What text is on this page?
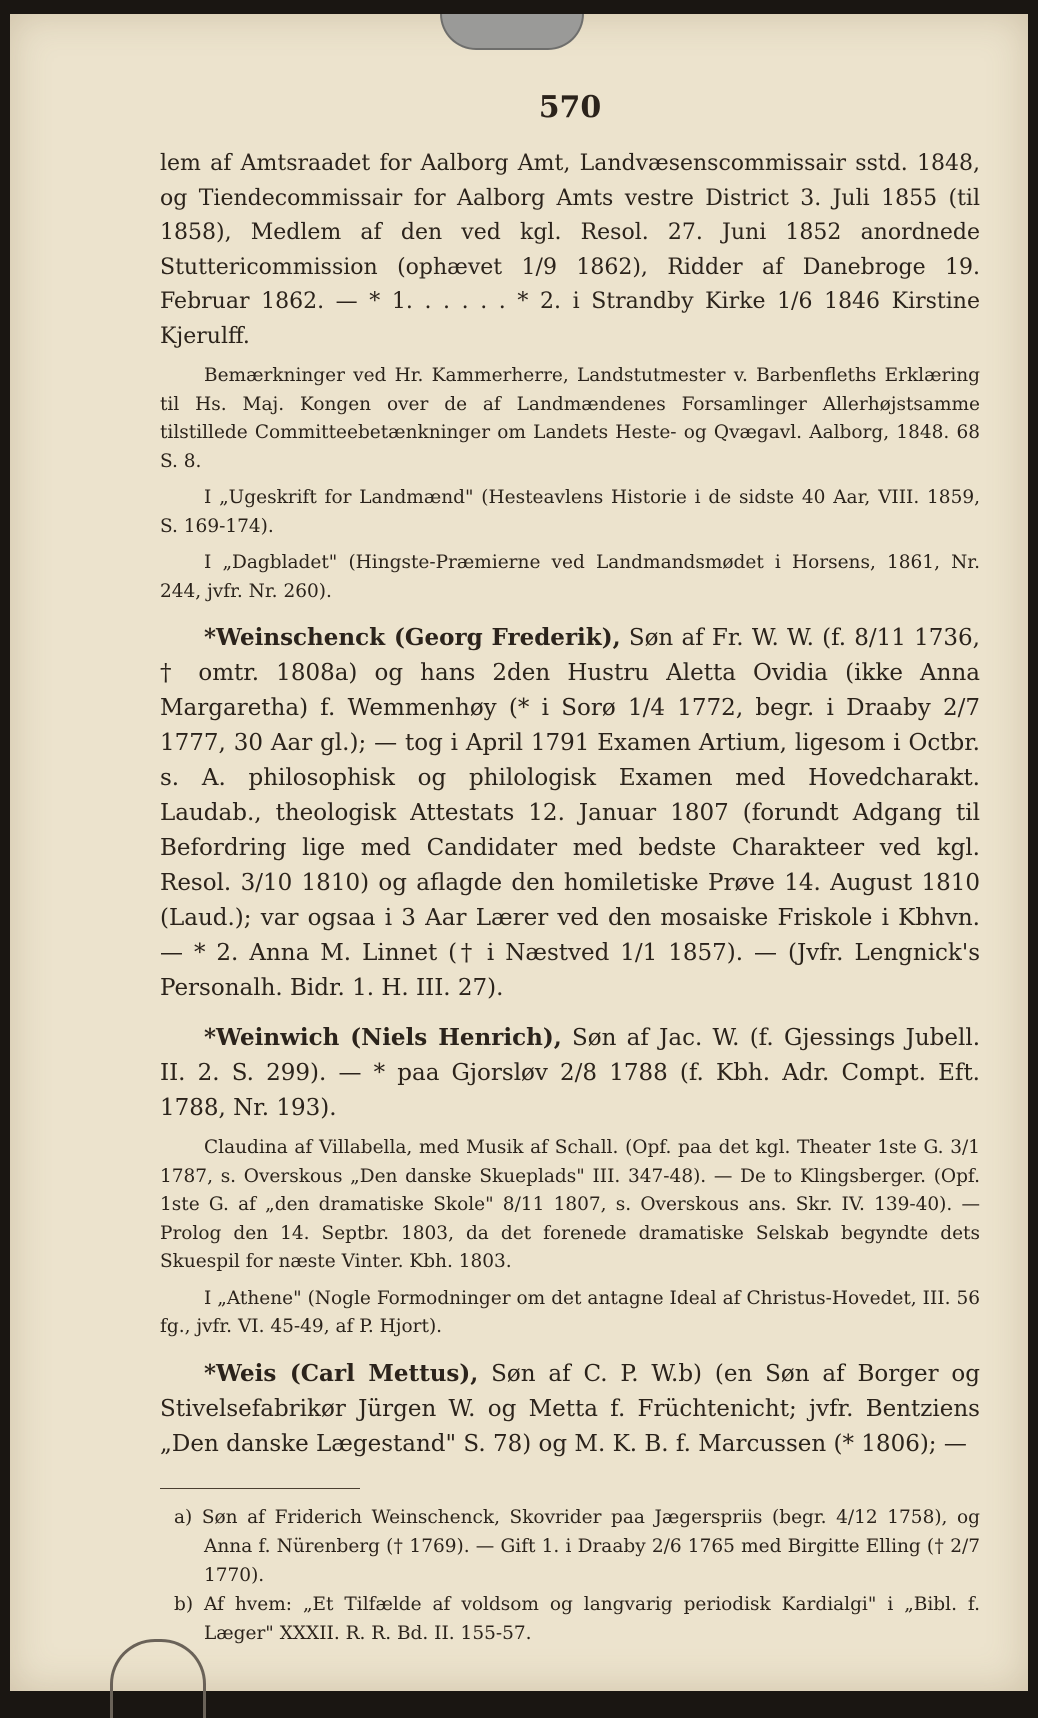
570

lem af Amtsraadet for Aalborg Amt, Landvæsenscommissair sstd. 1848, og Tiendecommissair for Aalborg Amts vestre District 3. Juli 1855 (til 1858), Medlem af den ved kgl. Resol. 27. Juni 1852 anordnede Stuttericommission (ophævet 1/9 1862), Ridder af Danebroge 19. Februar 1862. — * 1. . . . . . * 2. i Strandby Kirke 1/6 1846 Kirstine Kjerulff.

Bemærkninger ved Hr. Kammerherre, Landstutmester v. Barbenfleths Erklæring til Hs. Maj. Kongen over de af Landmændenes Forsamlinger Allerhøjstsamme tilstillede Committeebetænkninger om Landets Heste- og Qvægavl. Aalborg, 1848. 68 S. 8.

I „Ugeskrift for Landmænd" (Hesteavlens Historie i de sidste 40 Aar, VIII. 1859, S. 169-174).

I „Dagbladet" (Hingste-Præmierne ved Landmandsmødet i Horsens, 1861, Nr. 244, jvfr. Nr. 260).

*Weinschenck (Georg Frederik), Søn af Fr. W. W. (f. 8/11 1736, † omtr. 1808a) og hans 2den Hustru Aletta Ovidia (ikke Anna Margaretha) f. Wemmenhøy (* i Sorø 1/4 1772, begr. i Draaby 2/7 1777, 30 Aar gl.); — tog i April 1791 Examen Artium, ligesom i Octbr. s. A. philosophisk og philologisk Examen med Hovedcharakt. Laudab., theologisk Attestats 12. Januar 1807 (forundt Adgang til Befordring lige med Candidater med bedste Charakteer ved kgl. Resol. 3/10 1810) og aflagde den homiletiske Prøve 14. August 1810 (Laud.); var ogsaa i 3 Aar Lærer ved den mosaiske Friskole i Kbhvn. — * 2. Anna M. Linnet († i Næstved 1/1 1857). — (Jvfr. Lengnick's Personalh. Bidr. 1. H. III. 27).

*Weinwich (Niels Henrich), Søn af Jac. W. (f. Gjessings Jubell. II. 2. S. 299). — * paa Gjorsløv 2/8 1788 (f. Kbh. Adr. Compt. Eft. 1788, Nr. 193).

Claudina af Villabella, med Musik af Schall. (Opf. paa det kgl. Theater 1ste G. 3/1 1787, s. Overskous „Den danske Skueplads" III. 347-48). — De to Klingsberger. (Opf. 1ste G. af „den dramatiske Skole" 8/11 1807, s. Overskous ans. Skr. IV. 139-40). — Prolog den 14. Septbr. 1803, da det forenede dramatiske Selskab begyndte dets Skuespil for næste Vinter. Kbh. 1803.

I „Athene" (Nogle Formodninger om det antagne Ideal af Christus-Hovedet, III. 56 fg., jvfr. VI. 45-49, af P. Hjort).

*Weis (Carl Mettus), Søn af C. P. W.b) (en Søn af Borger og Stivelsefabrikør Jürgen W. og Metta f. Früchtenicht; jvfr. Bentziens „Den danske Lægestand" S. 78) og M. K. B. f. Marcussen (* 1806); —

a) Søn af Friderich Weinschenck, Skovrider paa Jægerspriis (begr. 4/12 1758), og Anna f. Nürenberg († 1769). — Gift 1. i Draaby 2/6 1765 med Birgitte Elling († 2/7 1770).

b) Af hvem: „Et Tilfælde af voldsom og langvarig periodisk Kardialgi" i „Bibl. f. Læger" XXXII. R. R. Bd. II. 155-57.
